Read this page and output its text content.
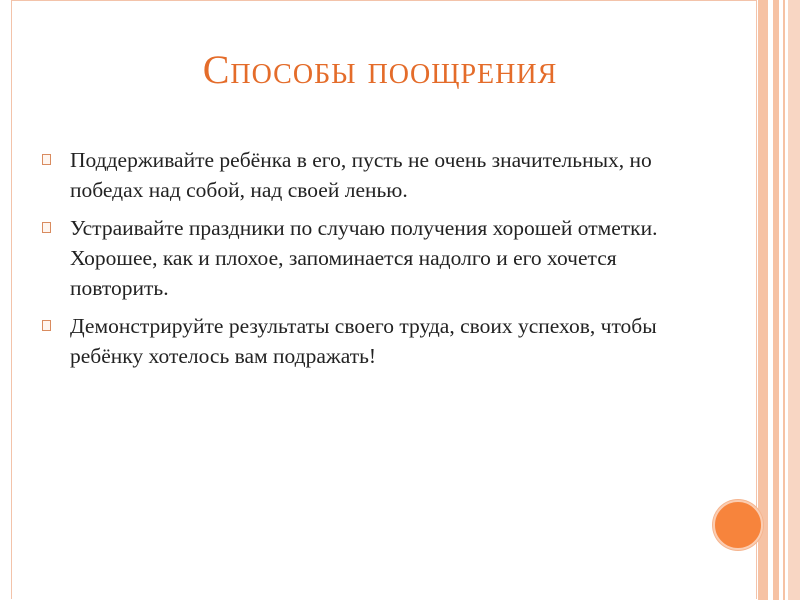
Способы поощрения
Поддерживайте ребёнка в его, пусть не очень значительных, но победах над собой, над своей ленью.
Устраивайте праздники по случаю получения хорошей отметки. Хорошее, как и плохое, запоминается надолго и его хочется повторить.
Демонстрируйте результаты своего труда, своих успехов, чтобы ребёнку хотелось вам подражать!
